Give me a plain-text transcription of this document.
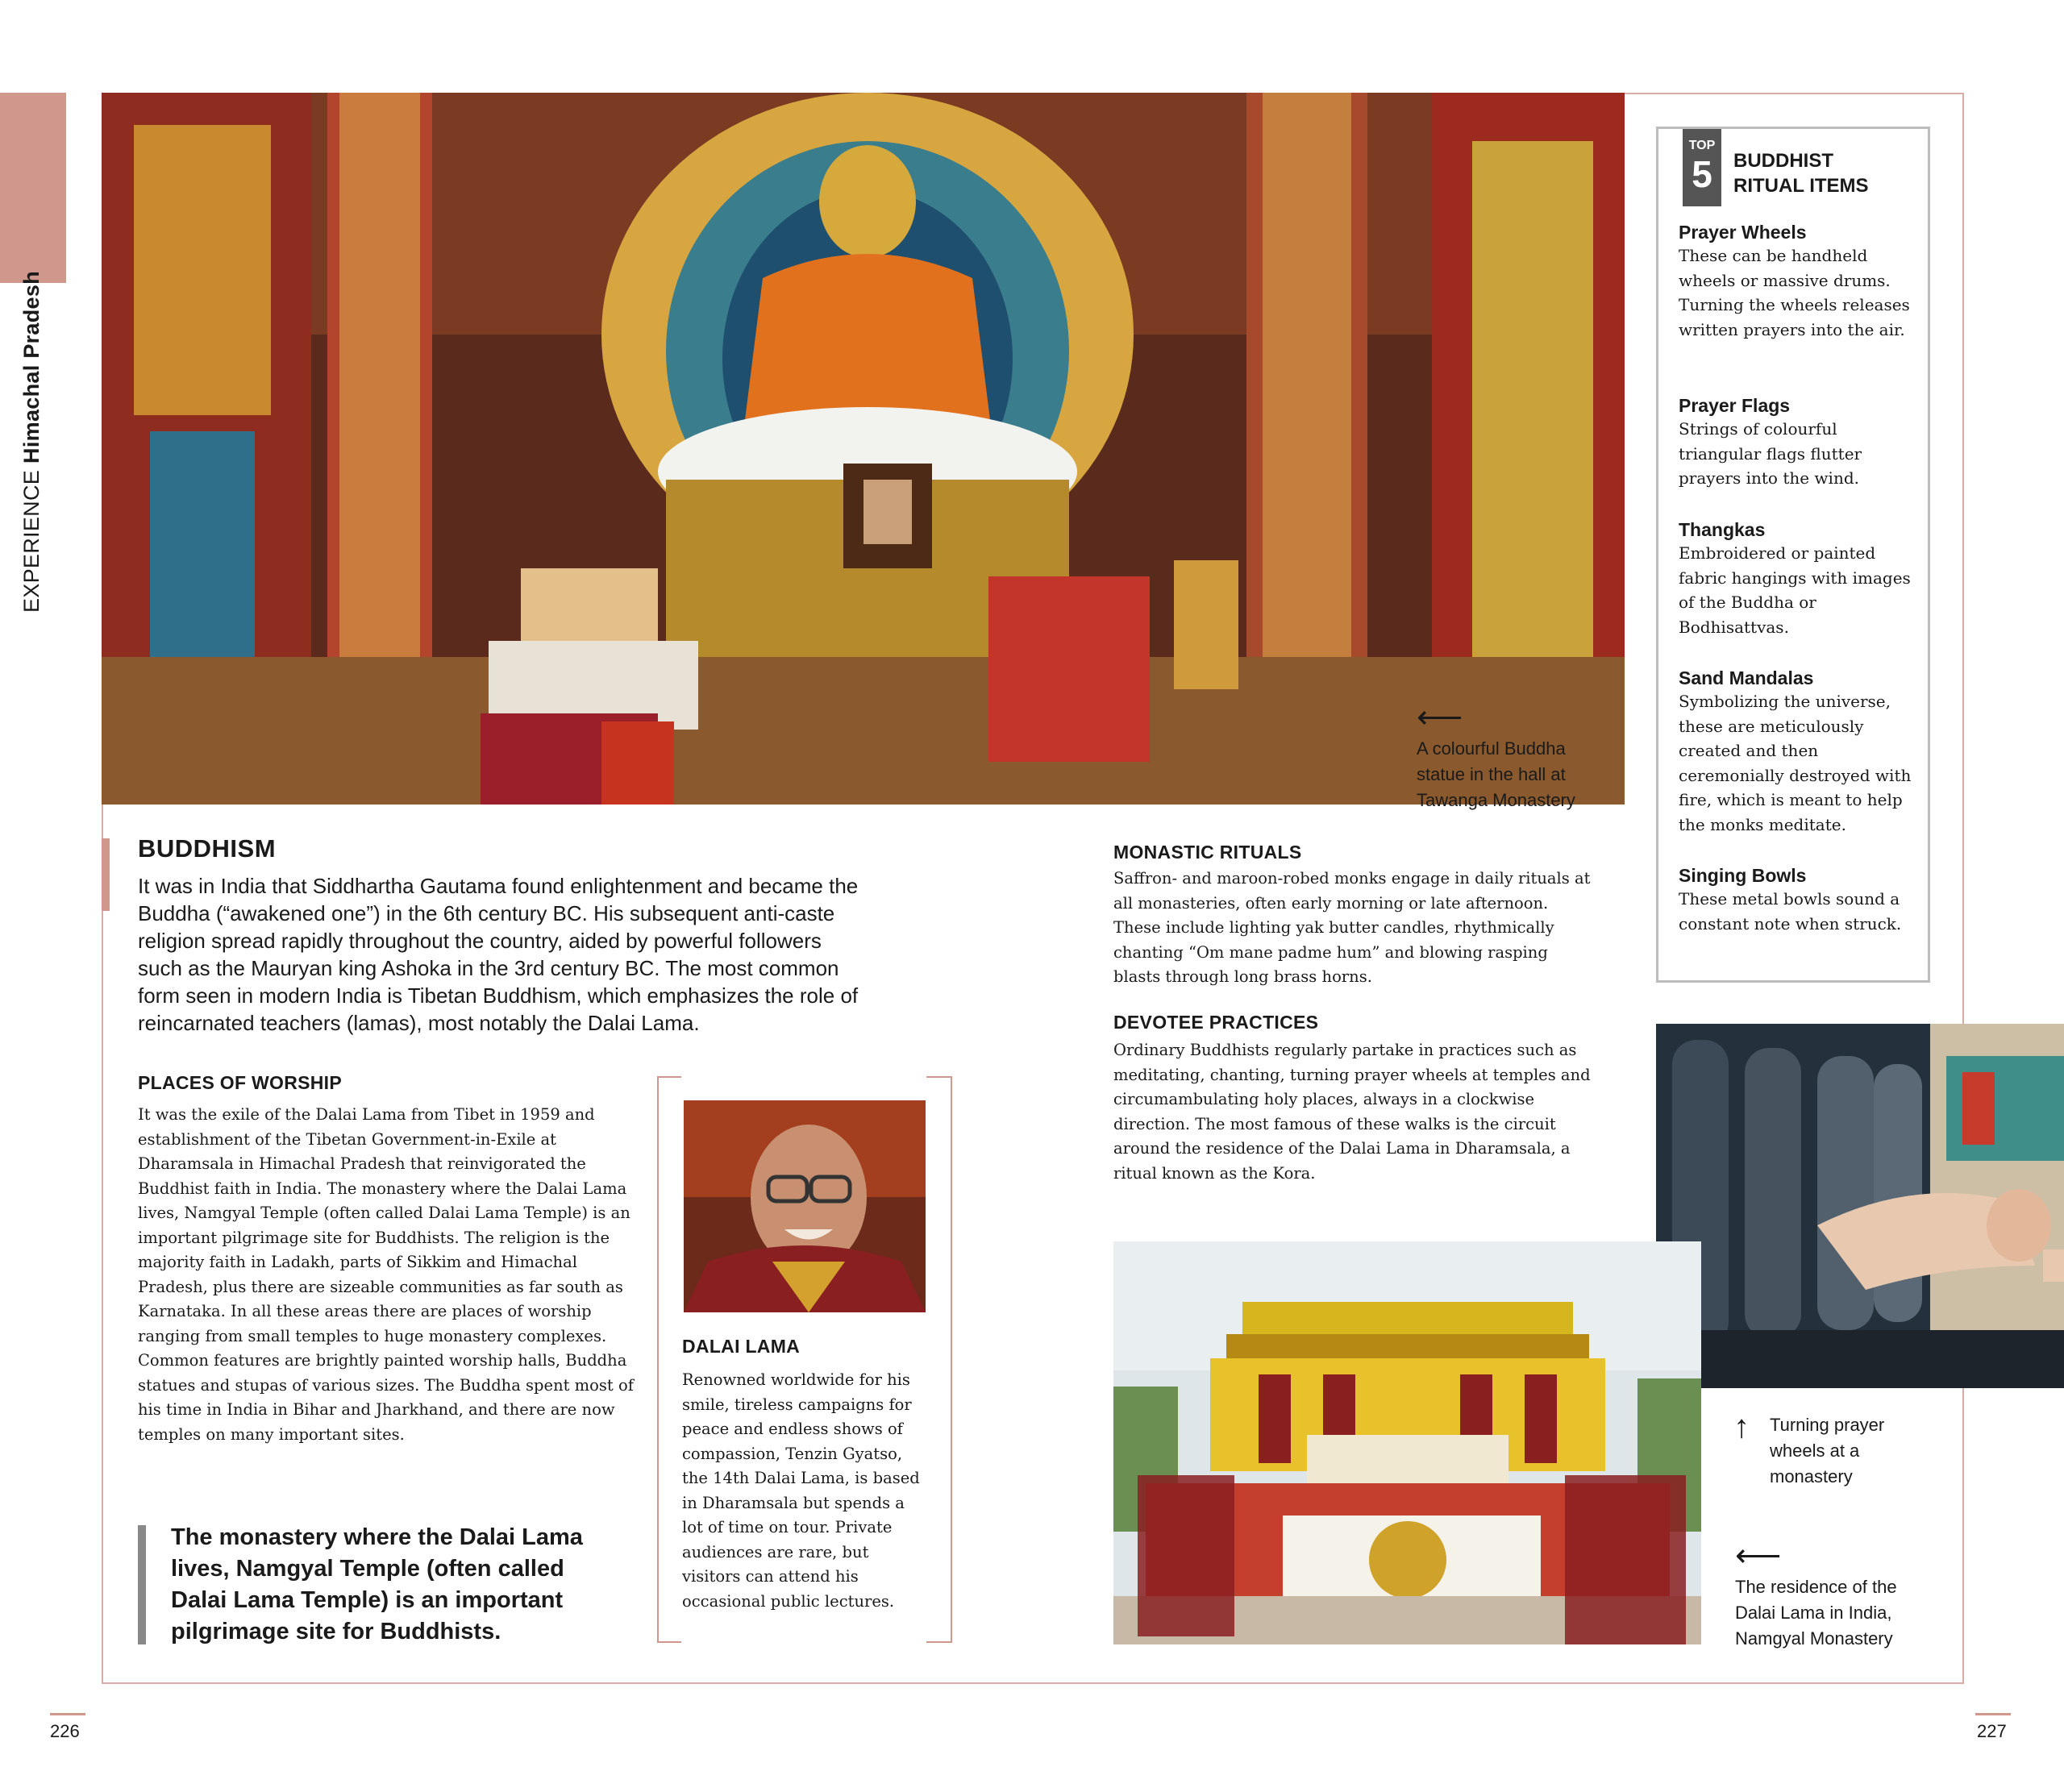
EXPERIENCEHimachal Pradesh
⟵
A colourful Buddha statue in the hall at Tawanga Monastery
TOP
5	BUDDHIST RITUAL ITEMS

Prayer Wheels

These can be handheld wheels or massive drums. Turning the wheels releases written prayers into the air.

Prayer Flags

Strings of colourful triangular flags flutter prayers into the wind.

Thangkas

Embroidered or painted fabric hangings with images of the Buddha or Bodhisattvas.

Sand Mandalas

Symbolizing the universe, these are meticulously created and then ceremonially destroyed with fire, which is meant to help the monks meditate.

Singing Bowls

These metal bowls sound a constant note when struck.

BUDDHISM

It was in India that Siddhartha Gautama found enlightenment and became the Buddha (“awakened one”) in the 6th century BC. His subsequent anti-caste religion spread rapidly throughout the country, aided by powerful followers such as the Mauryan king Ashoka in the 3rd century BC. The most common form seen in modern India is Tibetan Buddhism, which emphasizes the role of reincarnated teachers (lamas), most notably the Dalai Lama.

PLACES OF WORSHIP

It was the exile of the Dalai Lama from Tibet in 1959 and establishment of the Tibetan Government-in-Exile at Dharamsala in Himachal Pradesh that reinvigorated the Buddhist faith in India. The monastery where the Dalai Lama lives, Namgyal Temple (often called Dalai Lama Temple) is an important pilgrimage site for Buddhists. The religion is the majority faith in Ladakh, parts of Sikkim and Himachal Pradesh, plus there are sizeable communities as far south as Karnataka. In all these areas there are places of worship ranging from small temples to huge monastery complexes. Common features are brightly painted worship halls, Buddha statues and stupas of various sizes. The Buddha spent most of his time in India in Bihar and Jharkhand, and there are now temples on many important sites.

The monastery where the Dalai Lama lives, Namgyal Temple (often called Dalai Lama Temple) is an important pilgrimage site for Buddhists.

DALAI LAMA

Renowned worldwide for his smile, tireless campaigns for peace and endless shows of compassion, Tenzin Gyatso, the 14th Dalai Lama, is based in Dharamsala but spends a lot of time on tour. Private audiences are rare, but visitors can attend his occasional public lectures.

MONASTIC RITUALS

Saffron- and maroon-robed monks engage in daily rituals at all monasteries, often early morning or late afternoon. These include lighting yak butter candles, rhythmically chanting “Om mane padme hum” and blowing rasping blasts through long brass horns.

DEVOTEE PRACTICES

Ordinary Buddhists regularly partake in practices such as meditating, chanting, turning prayer wheels at temples and circumambulating holy places, always in a clockwise direction. The most famous of these walks is the circuit around the residence of the Dalai Lama in Dharamsala, a ritual known as the Kora.

↑ Turning prayer wheels at a monastery
⟵
The residence of the Dalai Lama in India, Namgyal Monastery
226	227
